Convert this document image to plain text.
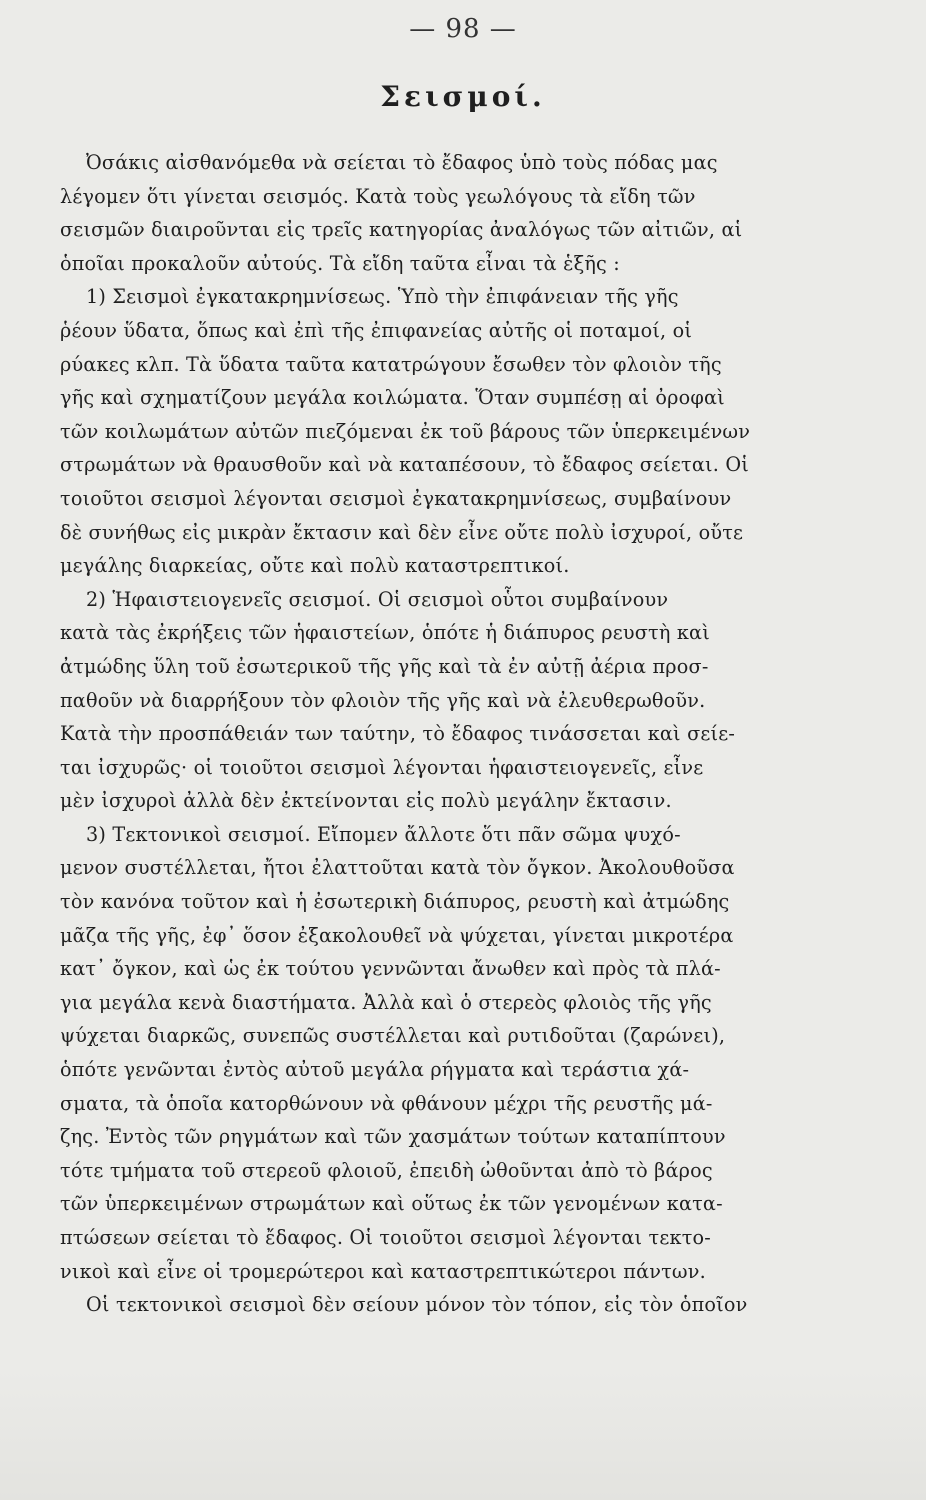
— 98 —
Σεισμοί.
Ὀσάκις αἰσθανόμεθα νὰ σείεται τὸ ἔδαφος ὑπὸ τοὺς πόδας μας
λέγομεν ὅτι γίνεται σεισμός. Κατὰ τοὺς γεωλόγους τὰ εἴδη τῶν
σεισμῶν διαιροῦνται εἰς τρεῖς κατηγορίας ἀναλόγως τῶν αἰτιῶν, αἱ
ὁποῖαι προκαλοῦν αὐτούς. Τὰ εἴδη ταῦτα εἶναι τὰ ἑξῆς :
1) Σεισμοὶ ἐγκατακρημνίσεως. Ὑπὸ τὴν ἐπιφάνειαν τῆς γῆς
ῥέουν ὕδατα, ὅπως καὶ ἐπὶ τῆς ἐπιφανείας αὐτῆς οἱ ποταμοί, οἱ
ρύακες κλπ. Τὰ ὕδατα ταῦτα κατατρώγουν ἔσωθεν τὸν φλοιὸν τῆς
γῆς καὶ σχηματίζουν μεγάλα κοιλώματα. Ὅταν συμπέσῃ αἱ ὀροφαὶ
τῶν κοιλωμάτων αὐτῶν πιεζόμεναι ἐκ τοῦ βάρους τῶν ὑπερκειμένων
στρωμάτων νὰ θραυσθοῦν καὶ νὰ καταπέσουν, τὸ ἔδαφος σείεται. Οἱ
τοιοῦτοι σεισμοὶ λέγονται σεισμοὶ ἐγκατακρημνίσεως, συμβαίνουν
δὲ συνήθως εἰς μικρὰν ἔκτασιν καὶ δὲν εἶνε οὔτε πολὺ ἰσχυροί, οὔτε
μεγάλης διαρκείας, οὔτε καὶ πολὺ καταστρεπτικοί.
2) Ἡφαιστειογενεῖς σεισμοί. Οἱ σεισμοὶ οὗτοι συμβαίνουν
κατὰ τὰς ἐκρήξεις τῶν ἡφαιστείων, ὁπότε ἡ διάπυρος ρευστὴ καὶ
ἀτμώδης ὕλη τοῦ ἐσωτερικοῦ τῆς γῆς καὶ τὰ ἐν αὐτῇ ἀέρια προσ-
παθοῦν νὰ διαρρήξουν τὸν φλοιὸν τῆς γῆς καὶ νὰ ἐλευθερωθοῦν.
Κατὰ τὴν προσπάθειάν των ταύτην, τὸ ἔδαφος τινάσσεται καὶ σείε-
ται ἰσχυρῶς· οἱ τοιοῦτοι σεισμοὶ λέγονται ἡφαιστειογενεῖς, εἶνε
μὲν ἰσχυροὶ ἀλλὰ δὲν ἐκτείνονται εἰς πολὺ μεγάλην ἔκτασιν.
3) Τεκτονικοὶ σεισμοί. Εἴπομεν ἄλλοτε ὅτι πᾶν σῶμα ψυχό-
μενον συστέλλεται, ἤτοι ἐλαττοῦται κατὰ τὸν ὄγκον. Ἀκολουθοῦσα
τὸν κανόνα τοῦτον καὶ ἡ ἐσωτερικὴ διάπυρος, ρευστὴ καὶ ἀτμώδης
μᾶζα τῆς γῆς, ἐφ᾽ ὅσον ἐξακολουθεῖ νὰ ψύχεται, γίνεται μικροτέρα
κατ᾽ ὄγκον, καὶ ὡς ἐκ τούτου γεννῶνται ἄνωθεν καὶ πρὸς τὰ πλά-
για μεγάλα κενὰ διαστήματα. Ἀλλὰ καὶ ὁ στερεὸς φλοιὸς τῆς γῆς
ψύχεται διαρκῶς, συνεπῶς συστέλλεται καὶ ρυτιδοῦται (ζαρώνει),
ὁπότε γενῶνται ἐντὸς αὐτοῦ μεγάλα ρήγματα καὶ τεράστια χά-
σματα, τὰ ὁποῖα κατορθώνουν νὰ φθάνουν μέχρι τῆς ρευστῆς μά-
ζης. Ἐντὸς τῶν ρηγμάτων καὶ τῶν χασμάτων τούτων καταπίπτουν
τότε τμήματα τοῦ στερεοῦ φλοιοῦ, ἐπειδὴ ὠθοῦνται ἀπὸ τὸ βάρος
τῶν ὑπερκειμένων στρωμάτων καὶ οὕτως ἐκ τῶν γενομένων κατα-
πτώσεων σείεται τὸ ἔδαφος. Οἱ τοιοῦτοι σεισμοὶ λέγονται τεκτο-
νικοὶ καὶ εἶνε οἱ τρομερώτεροι καὶ καταστρεπτικώτεροι πάντων.
Οἱ τεκτονικοὶ σεισμοὶ δὲν σείουν μόνον τὸν τόπον, εἰς τὸν ὁποῖον
